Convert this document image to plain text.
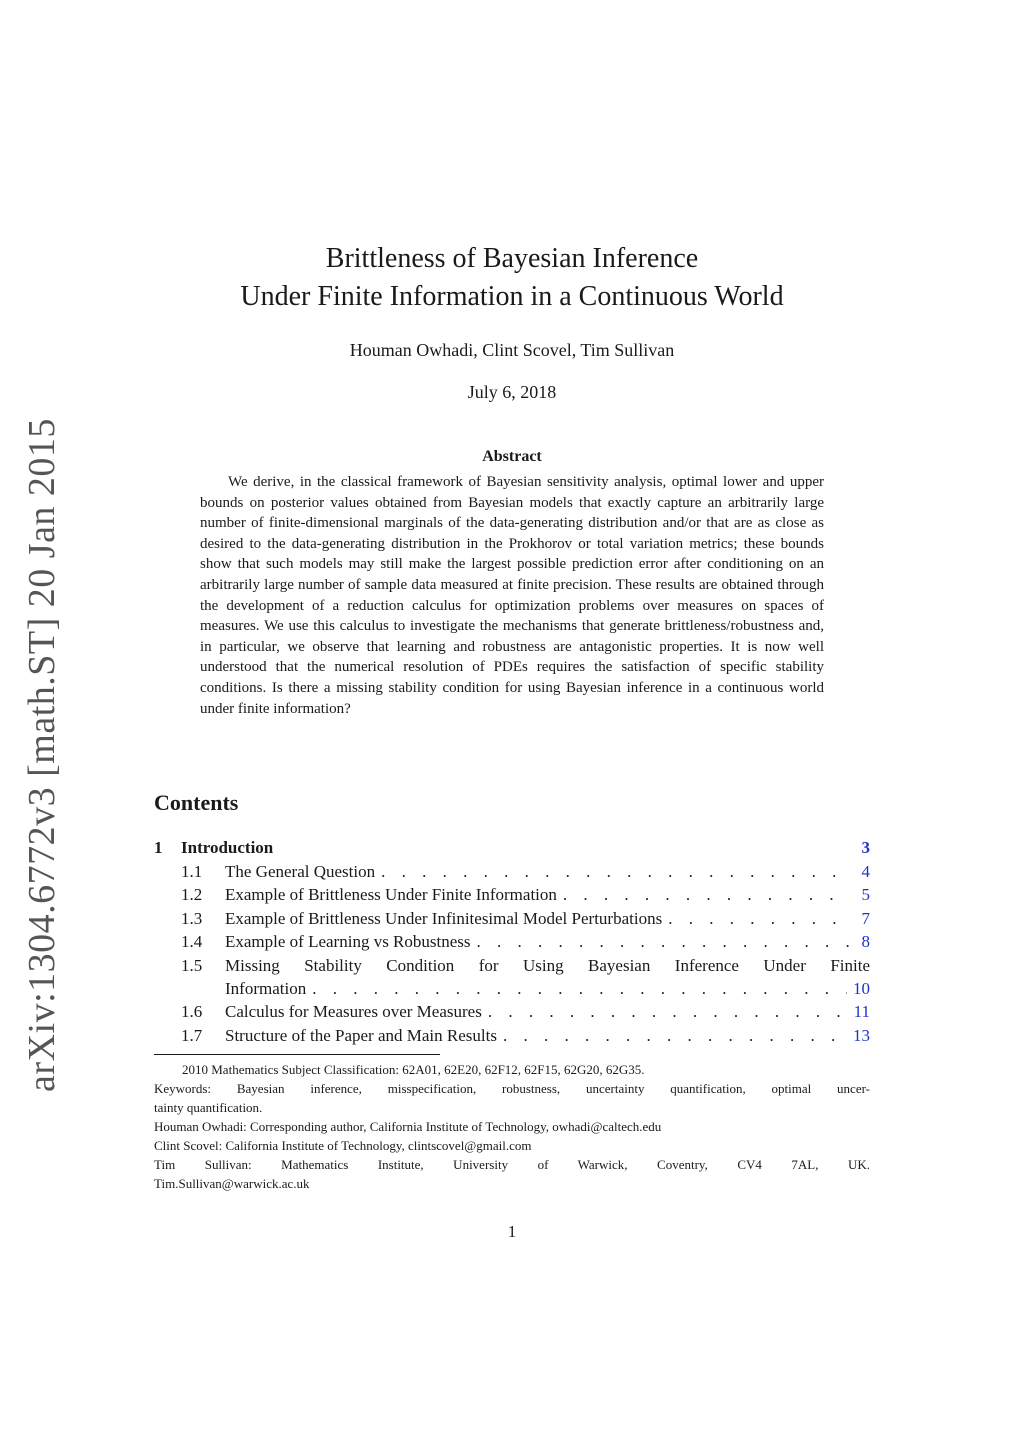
arXiv:1304.6772v3 [math.ST] 20 Jan 2015
Brittleness of Bayesian Inference
Under Finite Information in a Continuous World
Houman Owhadi, Clint Scovel, Tim Sullivan
July 6, 2018
Abstract

We derive, in the classical framework of Bayesian sensitivity analysis, optimal lower and upper bounds on posterior values obtained from Bayesian models that exactly capture an arbitrarily large number of finite-dimensional marginals of the data-generating distribution and/or that are as close as desired to the data-generating distribution in the Prokhorov or total variation metrics; these bounds show that such models may still make the largest possible prediction error after conditioning on an arbitrarily large number of sample data measured at finite precision. These results are obtained through the development of a reduction calculus for optimization problems over measures on spaces of measures. We use this calculus to investigate the mechanisms that generate brittleness/robustness and, in particular, we observe that learning and robustness are antagonistic properties. It is now well understood that the numerical resolution of PDEs requires the satisfaction of specific stability conditions. Is there a missing stability condition for using Bayesian inference in a continuous world under finite information?

Contents
1	Introduction	3
1.1	The General Question . . .	4
1.2	Example of Brittleness Under Finite Information . . .	5
1.3	Example of Brittleness Under Infinitesimal Model Perturbations . . .	7
1.4	Example of Learning vs Robustness . . .	8
1.5	Missing Stability Condition for Using Bayesian Inference Under Finite
Information . . .	10
1.6	Calculus for Measures over Measures . . .	11
1.7	Structure of the Paper and Main Results . . .	13

2010 Mathematics Subject Classification: 62A01, 62E20, 62F12, 62F15, 62G20, 62G35.

Keywords: Bayesian inference, misspecification, robustness, uncertainty quantification, optimal uncer-

tainty quantification.

Houman Owhadi: Corresponding author, California Institute of Technology, owhadi@caltech.edu

Clint Scovel: California Institute of Technology, clintscovel@gmail.com

Tim Sullivan: Mathematics Institute, University of Warwick, Coventry, CV4 7AL, UK.

Tim.Sullivan@warwick.ac.uk

1
